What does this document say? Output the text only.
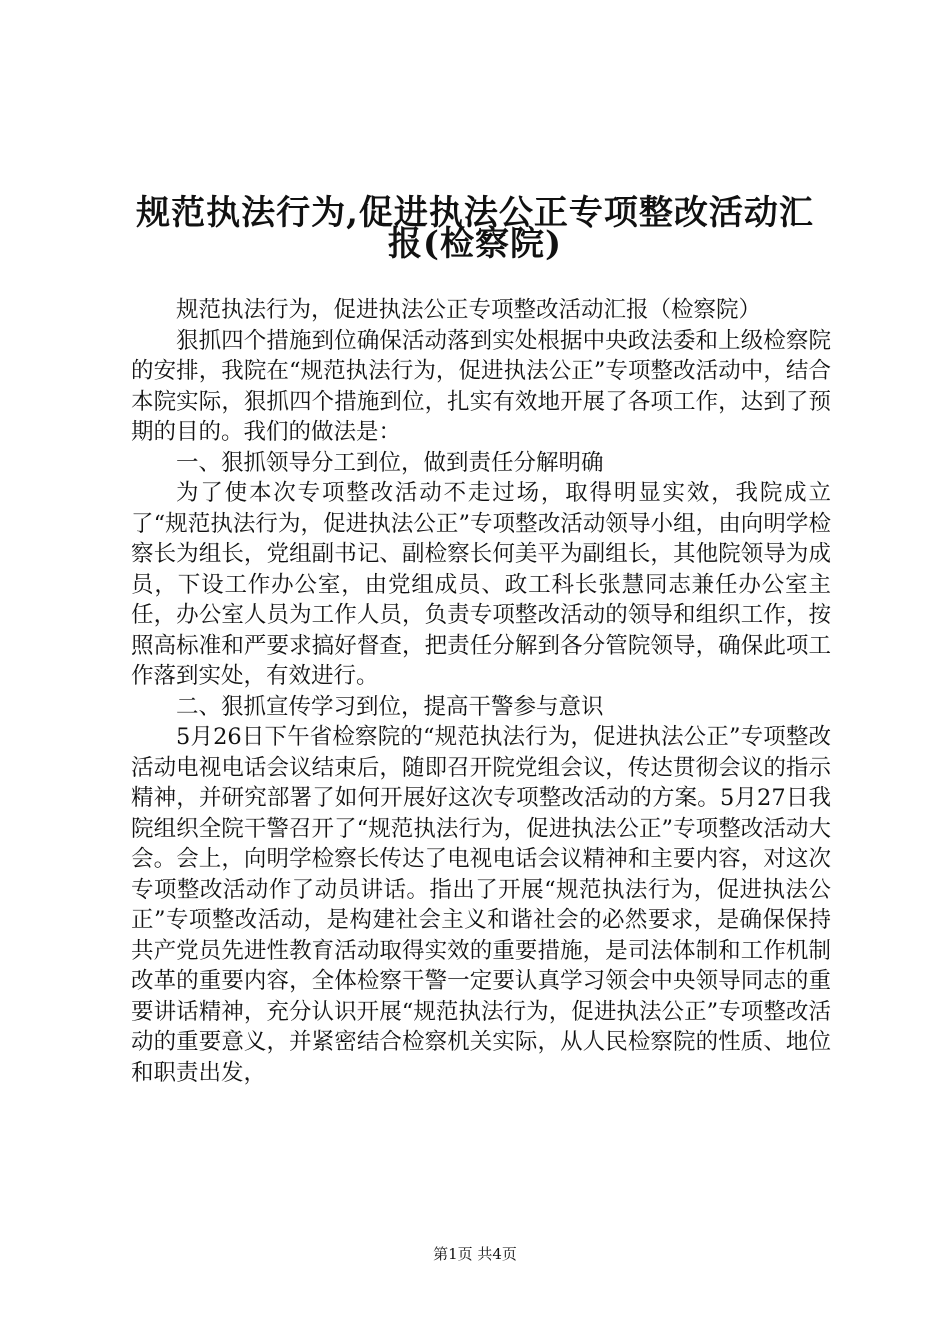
规范执法行为,促进执法公正专项整改活动汇
报(检察院)

规范执法行为，促进执法公正专项整改活动汇报（检察院）

狠抓四个措施到位确保活动落到实处根据中央政法委和上级检察院的安排，我院在“规范执法行为，促进执法公正”专项整改活动中，结合本院实际，狠抓四个措施到位，扎实有效地开展了各项工作，达到了预期的目的。我们的做法是：

一、狠抓领导分工到位，做到责任分解明确

为了使本次专项整改活动不走过场，取得明显实效，我院成立了“规范执法行为，促进执法公正”专项整改活动领导小组，由向明学检察长为组长，党组副书记、副检察长何美平为副组长，其他院领导为成员，下设工作办公室，由党组成员、政工科长张慧同志兼任办公室主任，办公室人员为工作人员，负责专项整改活动的领导和组织工作，按照高标准和严要求搞好督查，把责任分解到各分管院领导，确保此项工作落到实处，有效进行。

二、狠抓宣传学习到位，提高干警参与意识

5月26日下午省检察院的“规范执法行为，促进执法公正”专项整改活动电视电话会议结束后，随即召开院党组会议，传达贯彻会议的指示精神，并研究部署了如何开展好这次专项整改活动的方案。5月27日我院组织全院干警召开了“规范执法行为，促进执法公正”专项整改活动大会。会上，向明学检察长传达了电视电话会议精神和主要内容，对这次专项整改活动作了动员讲话。指出了开展“规范执法行为，促进执法公正”专项整改活动，是构建社会主义和谐社会的必然要求，是确保保持共产党员先进性教育活动取得实效的重要措施，是司法体制和工作机制改革的重要内容，全体检察干警一定要认真学习领会中央领导同志的重要讲话精神，充分认识开展“规范执法行为，促进执法公正”专项整改活动的重要意义，并紧密结合检察机关实际，从人民检察院的性质、地位和职责出发，

第1页 共4页
